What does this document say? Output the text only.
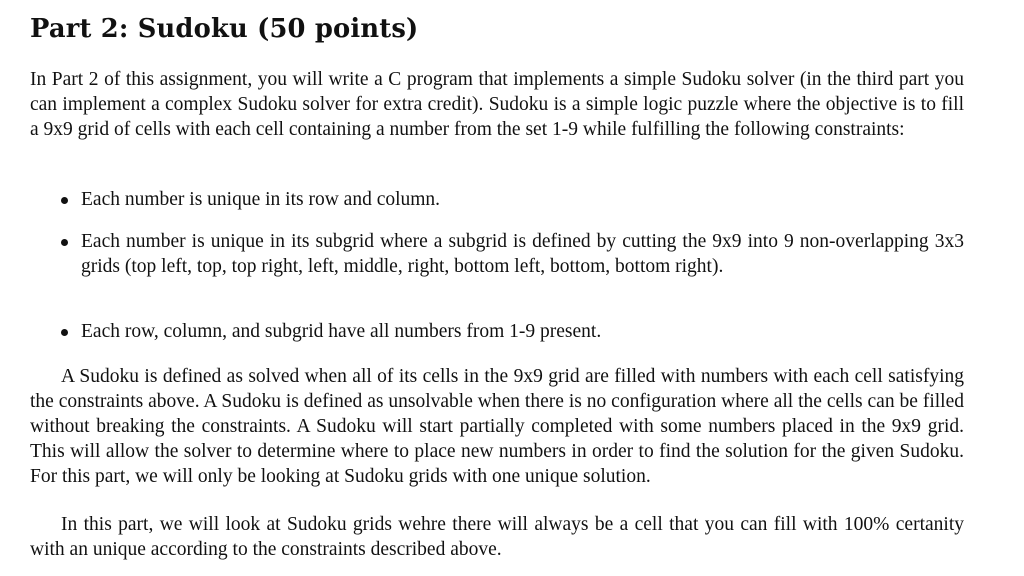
Part 2: Sudoku (50 points)

In Part 2 of this assignment, you will write a C program that implements a simple Sudoku solver (in the third part you can implement a complex Sudoku solver for extra credit). Sudoku is a simple logic puzzle where the objective is to fill a 9x9 grid of cells with each cell containing a number from the set 1-9 while fulfilling the following constraints:

Each number is unique in its row and column.
Each number is unique in its subgrid where a subgrid is defined by cutting the 9x9 into 9 non-overlapping 3x3 grids (top left, top, top right, left, middle, right, bottom left, bottom, bottom right).
Each row, column, and subgrid have all numbers from 1-9 present.

A Sudoku is defined as solved when all of its cells in the 9x9 grid are filled with numbers with each cell satisfying the constraints above. A Sudoku is defined as unsolvable when there is no configuration where all the cells can be filled without breaking the constraints. A Sudoku will start partially completed with some numbers placed in the 9x9 grid. This will allow the solver to determine where to place new numbers in order to find the solution for the given Sudoku. For this part, we will only be looking at Sudoku grids with one unique solution.

In this part, we will look at Sudoku grids wehre there will always be a cell that you can fill with 100% certanity with an unique according to the constraints described above.
